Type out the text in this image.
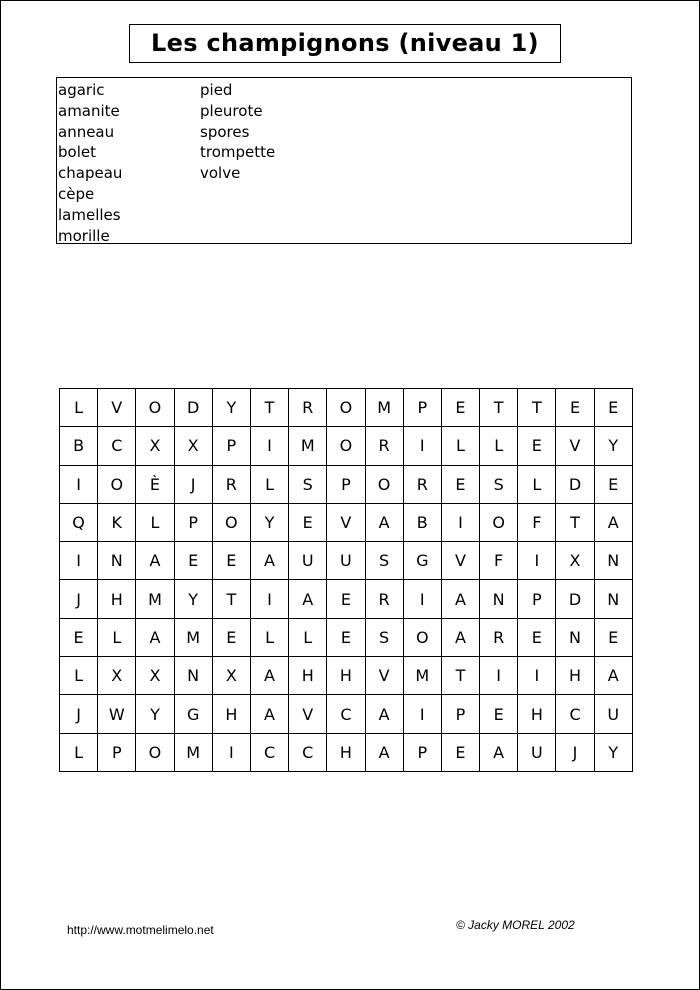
Les champignons (niveau 1)
agaric
amanite
anneau
bolet
chapeau
cèpe
lamelles
morille
pied
pleurote
spores
trompette
volve
L	V	O	D	Y	T	R	O	M	P	E	T	T	E	E
B	C	X	X	P	I	M	O	R	I	L	L	E	V	Y
I	O	È	J	R	L	S	P	O	R	E	S	L	D	E
Q	K	L	P	O	Y	E	V	A	B	I	O	F	T	A
I	N	A	E	E	A	U	U	S	G	V	F	I	X	N
J	H	M	Y	T	I	A	E	R	I	A	N	P	D	N
E	L	A	M	E	L	L	E	S	O	A	R	E	N	E
L	X	X	N	X	A	H	H	V	M	T	I	I	H	A
J	W	Y	G	H	A	V	C	A	I	P	E	H	C	U
L	P	O	M	I	C	C	H	A	P	E	A	U	J	Y
http://www.motmelimelo.net	© Jacky MOREL 2002
